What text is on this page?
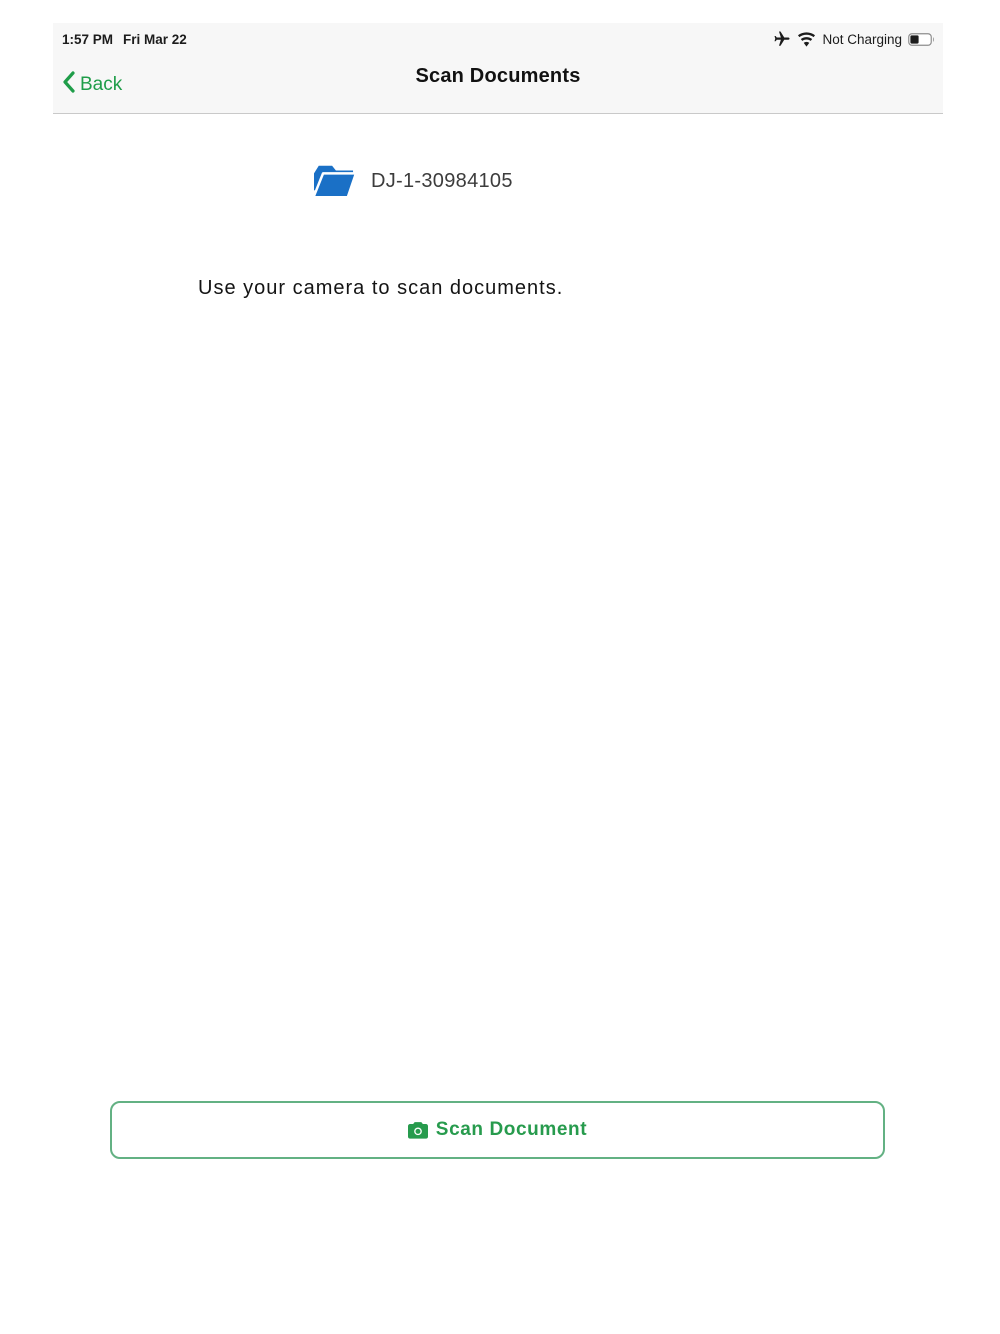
1:57 PM Fri Mar 22	Not Charging
Back	Scan Documents
DJ-1-30984105
Use your camera to scan documents.
Scan Document
